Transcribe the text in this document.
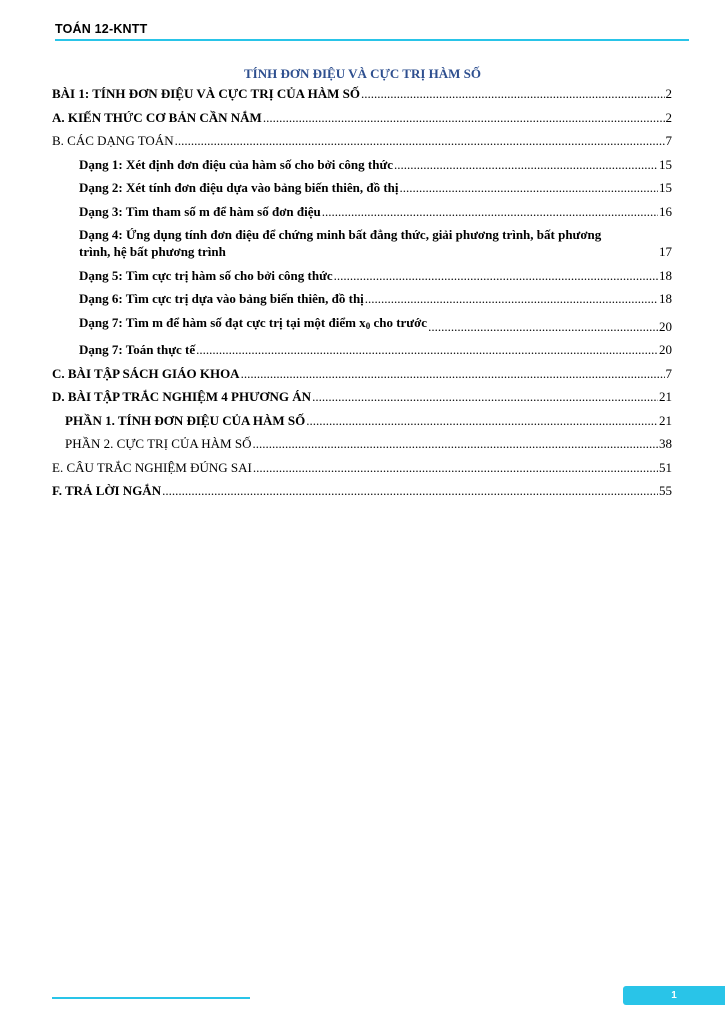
TOÁN 12-KNTT
TÍNH ĐƠN ĐIỆU VÀ CỰC TRỊ HÀM SỐ
BÀI 1: TÍNH ĐƠN ĐIỆU VÀ CỰC TRỊ CỦA HÀM SỐ .....	2
A. KIẾN THỨC CƠ BẢN CẦN NẮM .....	2
B. CÁC DẠNG TOÁN .....	7
Dạng 1: Xét định đơn điệu của hàm số cho bởi công thức .....	15
Dạng 2: Xét tính đơn điệu dựa vào bảng biến thiên, đồ thị .....	15
Dạng 3: Tìm tham số m để hàm số đơn điệu .....	16
Dạng 4: Ứng dụng tính đơn điệu để chứng minh bất đẳng thức, giải phương trình, bất phương
trình, hệ bất phương trình	17
Dạng 5: Tìm cực trị hàm số cho bởi công thức .....	18
Dạng 6: Tìm cực trị dựa vào bảng biến thiên, đồ thị .....	18
Dạng 7: Tìm m để hàm số đạt cực trị tại một điểm $x_0$ cho trước .....	20
Dạng 7: Toán thực tế .....	20
C. BÀI TẬP SÁCH GIÁO KHOA .....	7
D. BÀI TẬP TRẮC NGHIỆM 4 PHƯƠNG ÁN .....	21
PHẦN 1. TÍNH ĐƠN ĐIỆU CỦA HÀM SỐ .....	21
PHẦN 2. CỰC TRỊ CỦA HÀM SỐ .....	38
E. CÂU TRẮC NGHIỆM ĐÚNG SAI .....	51
F. TRẢ LỜI NGẮN .....	55
1
